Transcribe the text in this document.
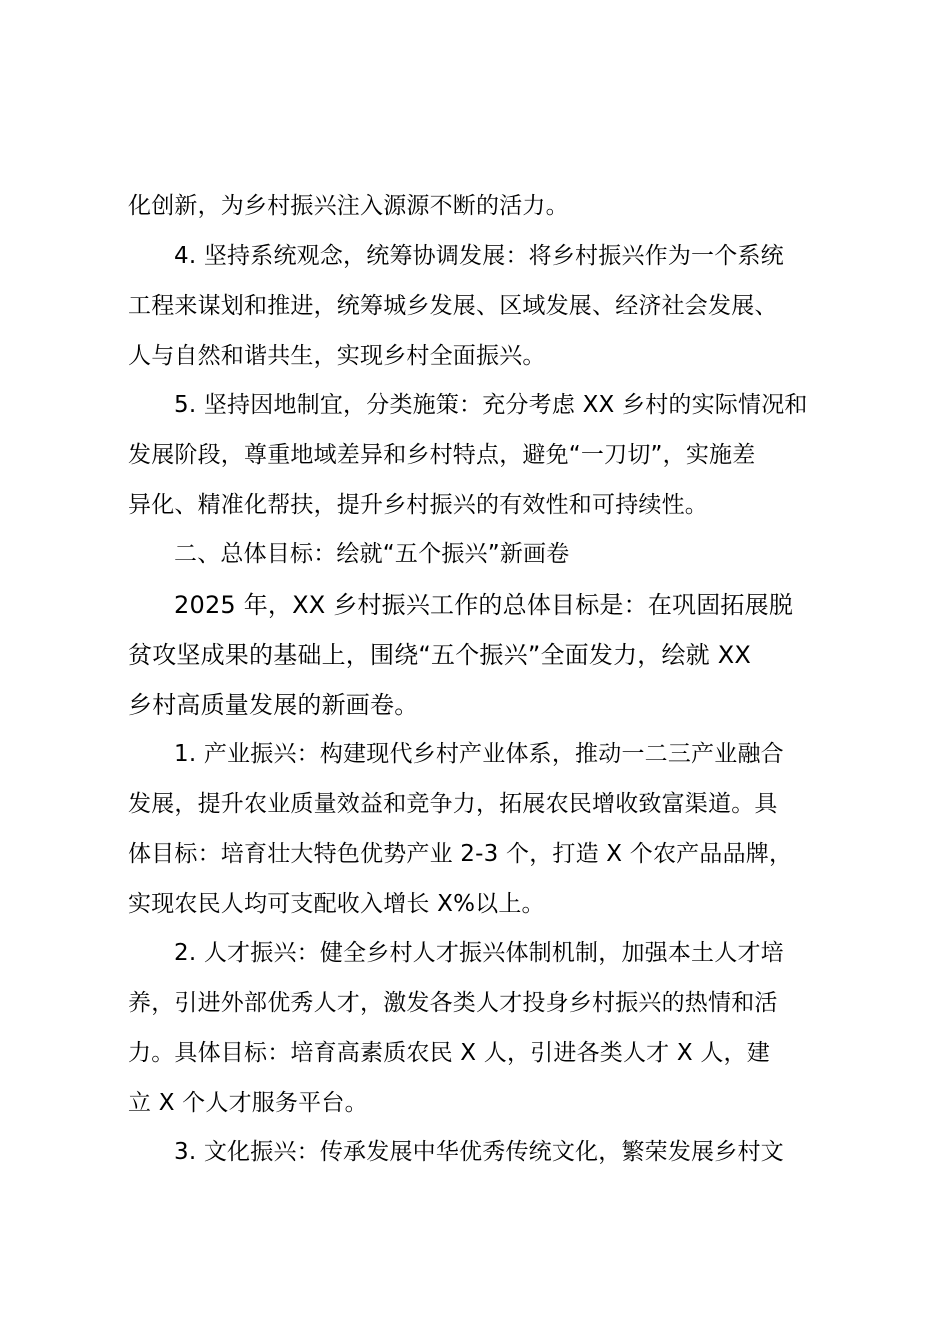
化创新，为乡村振兴注入源源不断的活力。
4. 坚持系统观念，统筹协调发展：将乡村振兴作为一个系统
工程来谋划和推进，统筹城乡发展、区域发展、经济社会发展、
人与自然和谐共生，实现乡村全面振兴。
5. 坚持因地制宜，分类施策：充分考虑 XX 乡村的实际情况和
发展阶段，尊重地域差异和乡村特点，避免“一刀切”，实施差
异化、精准化帮扶，提升乡村振兴的有效性和可持续性。
二、总体目标：绘就“五个振兴”新画卷
2025 年，XX 乡村振兴工作的总体目标是：在巩固拓展脱
贫攻坚成果的基础上，围绕“五个振兴”全面发力，绘就 XX
乡村高质量发展的新画卷。
1. 产业振兴：构建现代乡村产业体系，推动一二三产业融合
发展，提升农业质量效益和竞争力，拓展农民增收致富渠道。具
体目标：培育壮大特色优势产业 2-3 个，打造 X 个农产品品牌，
实现农民人均可支配收入增长 X%以上。
2. 人才振兴：健全乡村人才振兴体制机制，加强本土人才培
养，引进外部优秀人才，激发各类人才投身乡村振兴的热情和活
力。具体目标：培育高素质农民 X 人，引进各类人才 X 人，建
立 X 个人才服务平台。
3. 文化振兴：传承发展中华优秀传统文化，繁荣发展乡村文
